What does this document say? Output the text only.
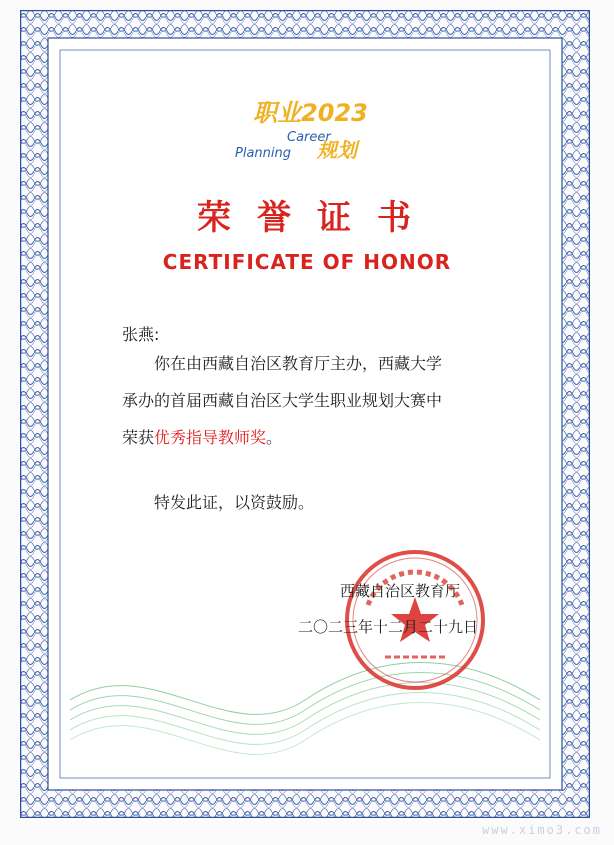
职业2023
Career
Planning 规划
荣誉证书
CERTIFICATE OF HONOR
张燕:
你在由西藏自治区教育厅主办，西藏大学
承办的首届西藏自治区大学生职业规划大赛中
荣获优秀指导教师奖。
特发此证，以资鼓励。
西藏自治区教育厅
二〇二三年十二月二十九日
www.ximo3.com
